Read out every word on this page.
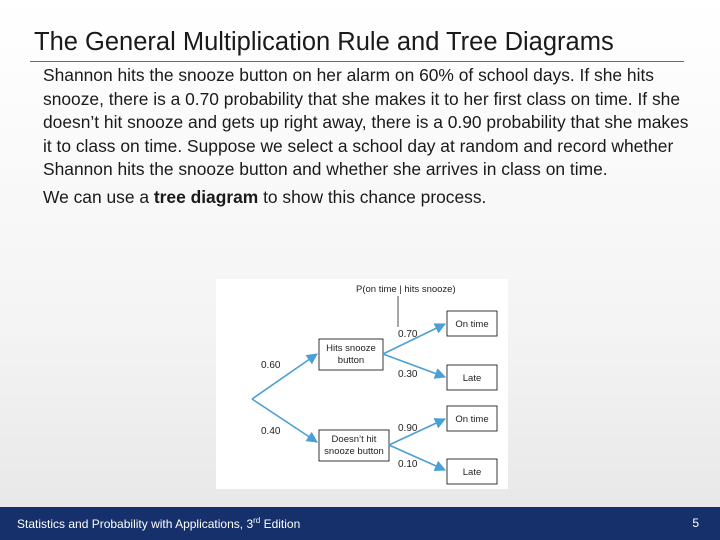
The General Multiplication Rule and Tree Diagrams

Shannon hits the snooze button on her alarm on 60% of school days. If she hits snooze, there is a 0.70 probability that she makes it to her first class on time. If she doesn’t hit snooze and gets up right away, there is a 0.90 probability that she makes it to class on time. Suppose we select a school day at random and record whether Shannon hits the snooze button and whether she arrives in class on time.

We can use a tree diagram to show this chance process.

P(on time | hits snooze)
0.60
0.40
Hits snooze
button
Doesn’t hit
snooze button
0.70
0.30
0.90
0.10
On time
Late
On time
Late
Statistics and Probability with Applications, 3rd Edition	5
